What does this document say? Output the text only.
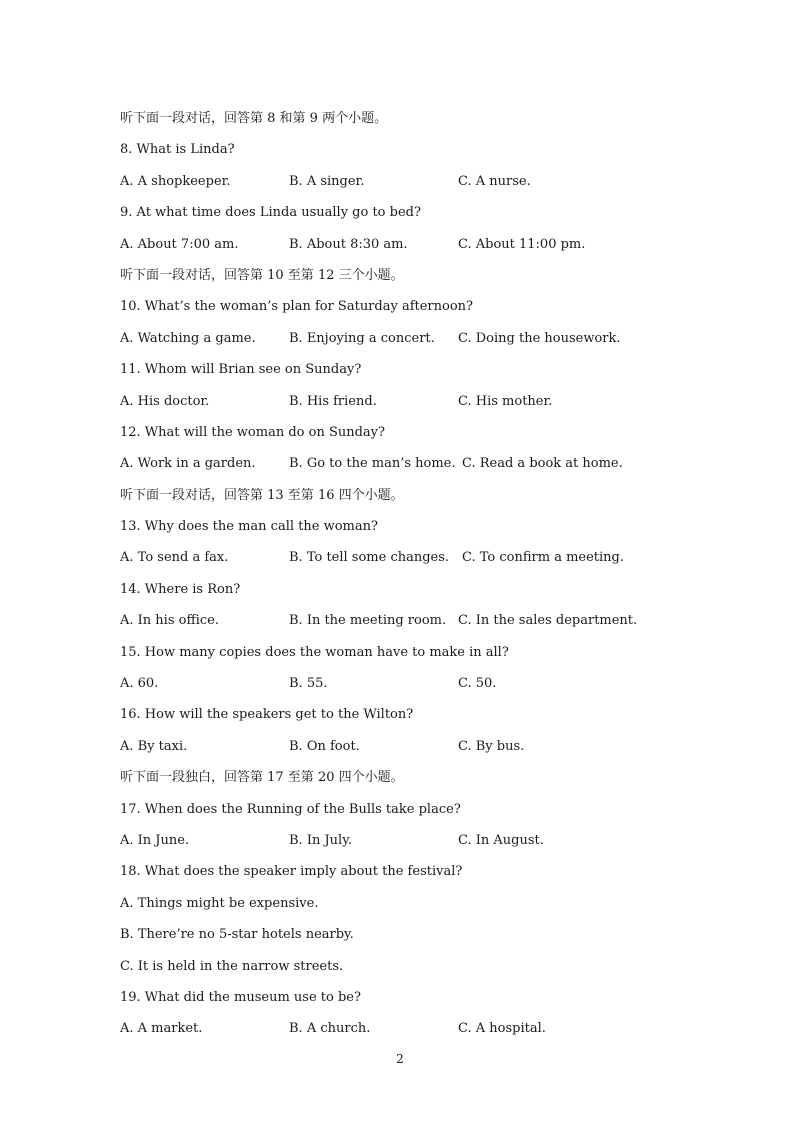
听下面一段对话，回答第 8 和第 9 两个小题。
8. What is Linda?
A. A shopkeeper.	B. A singer.	C. A nurse.
9. At what time does Linda usually go to bed?
A. About 7:00 am.	B. About 8:30 am.	C. About 11:00 pm.
听下面一段对话，回答第 10 至第 12 三个小题。
10. What’s the woman’s plan for Saturday afternoon?
A. Watching a game.	B. Enjoying a concert. C. Doing the housework.
11. Whom will Brian see on Sunday?
A. His doctor.	B. His friend.	C. His mother.
12. What will the woman do on Sunday?
A. Work in a garden.	B. Go to the man’s home. C. Read a book at home.
听下面一段对话，回答第 13 至第 16 四个小题。
13. Why does the man call the woman?
A. To send a fax.	B. To tell some changes. C. To confirm a meeting.
14. Where is Ron?
A. In his office.	B. In the meeting room. C. In the sales department.
15. How many copies does the woman have to make in all?
A. 60.	B. 55.	C. 50.
16. How will the speakers get to the Wilton?
A. By taxi.	B. On foot.	C. By bus.
听下面一段独白，回答第 17 至第 20 四个小题。
17. When does the Running of the Bulls take place?
A. In June.	B. In July.	C. In August.
18. What does the speaker imply about the festival?
A. Things might be expensive.
B. There’re no 5-star hotels nearby.
C. It is held in the narrow streets.
19. What did the museum use to be?
A. A market.	B. A church.	C. A hospital.
2
